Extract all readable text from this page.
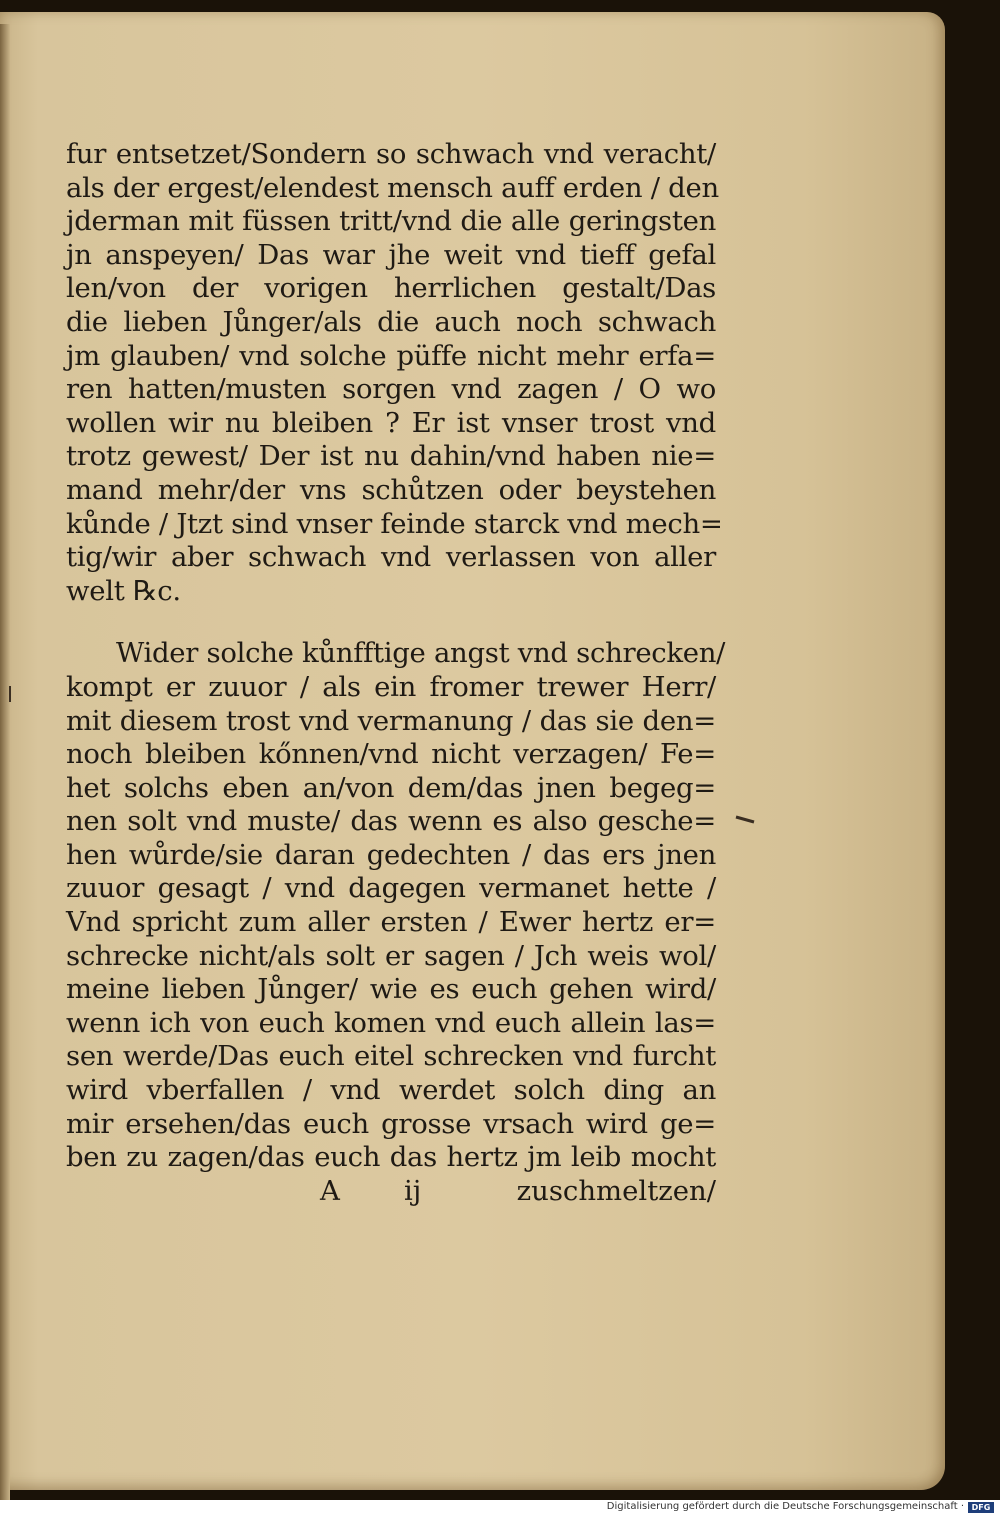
fur entsetzet/Sondern so schwach vnd veracht/
als der ergest/elendest mensch auff erden / den
jderman mit füssen tritt/vnd die alle geringsten
jn anspeyen/ Das war jhe weit vnd tieff gefal
len/von der vorigen herrlichen gestalt/Das
die lieben Jůnger/als die auch noch schwach
jm glauben/ vnd solche püffe nicht mehr erfa=
ren hatten/musten sorgen vnd zagen / O wo
wollen wir nu bleiben ? Er ist vnser trost vnd
trotz gewest/ Der ist nu dahin/vnd haben nie=
mand mehr/der vns schůtzen oder beystehen
kůnde / Jtzt sind vnser feinde starck vnd mech=
tig/wir aber schwach vnd verlassen von aller
welt ℞c.
Wider solche kůnfftige angst vnd schrecken/
kompt er zuuor / als ein fromer trewer Herr/
mit diesem trost vnd vermanung / das sie den=
noch bleiben kőnnen/vnd nicht verzagen/ Fe=
het solchs eben an/von dem/das jnen begeg=
nen solt vnd muste/ das wenn es also gesche=
hen wůrde/sie daran gedechten / das ers jnen
zuuor gesagt / vnd dagegen vermanet hette /
Vnd spricht zum aller ersten / Ewer hertz er=
schrecke nicht/als solt er sagen / Jch weis wol/
meine lieben Jůnger/ wie es euch gehen wird/
wenn ich von euch komen vnd euch allein las=
sen werde/Das euch eitel schrecken vnd furcht
wird vberfallen / vnd werdet solch ding an
mir ersehen/das euch grosse vrsach wird ge=
ben zu zagen/das euch das hertz jm leib mocht
A ij	zuschmeltzen/
Digitalisierung gefördert durch die Deutsche Forschungsgemeinschaft · DFG
